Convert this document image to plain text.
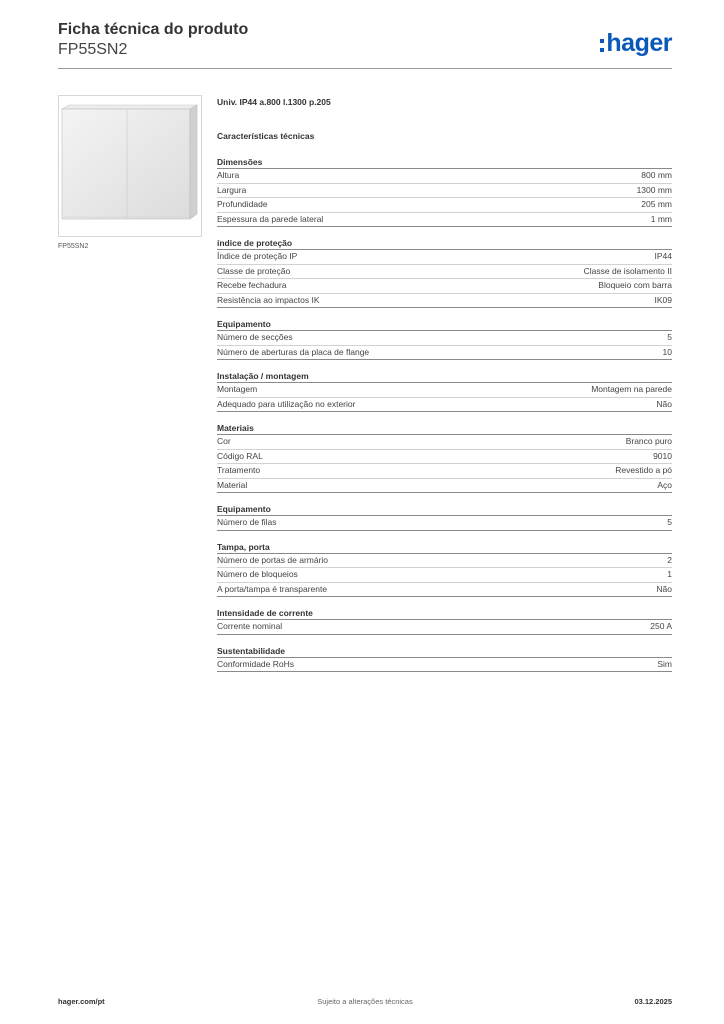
Ficha técnica do produto

FP55SN2	hager
FP55SN2
Univ. IP44 a.800 l.1300 p.205
Características técnicas
Dimensões
Altura	800 mm
Largura	1300 mm
Profundidade	205 mm
Espessura da parede lateral	1 mm
índice de proteção
Índice de proteção IP	IP44
Classe de proteção	Classe de isolamento II
Recebe fechadura	Bloqueio com barra
Resistência ao impactos IK	IK09
Equipamento
Número de secções	5
Número de aberturas da placa de flange	10
Instalação / montagem
Montagem	Montagem na parede
Adequado para utilização no exterior	Não
Materiais
Cor	Branco puro
Código RAL	9010
Tratamento	Revestido a pó
Material	Aço
Equipamento
Número de filas	5
Tampa, porta
Número de portas de armário	2
Número de bloqueios	1
A porta/tampa é transparente	Não
Intensidade de corrente
Corrente nominal	250 A
Sustentabilidade
Conformidade RoHs	Sim
hager.com/pt	Sujeito a alterações técnicas	03.12.2025
